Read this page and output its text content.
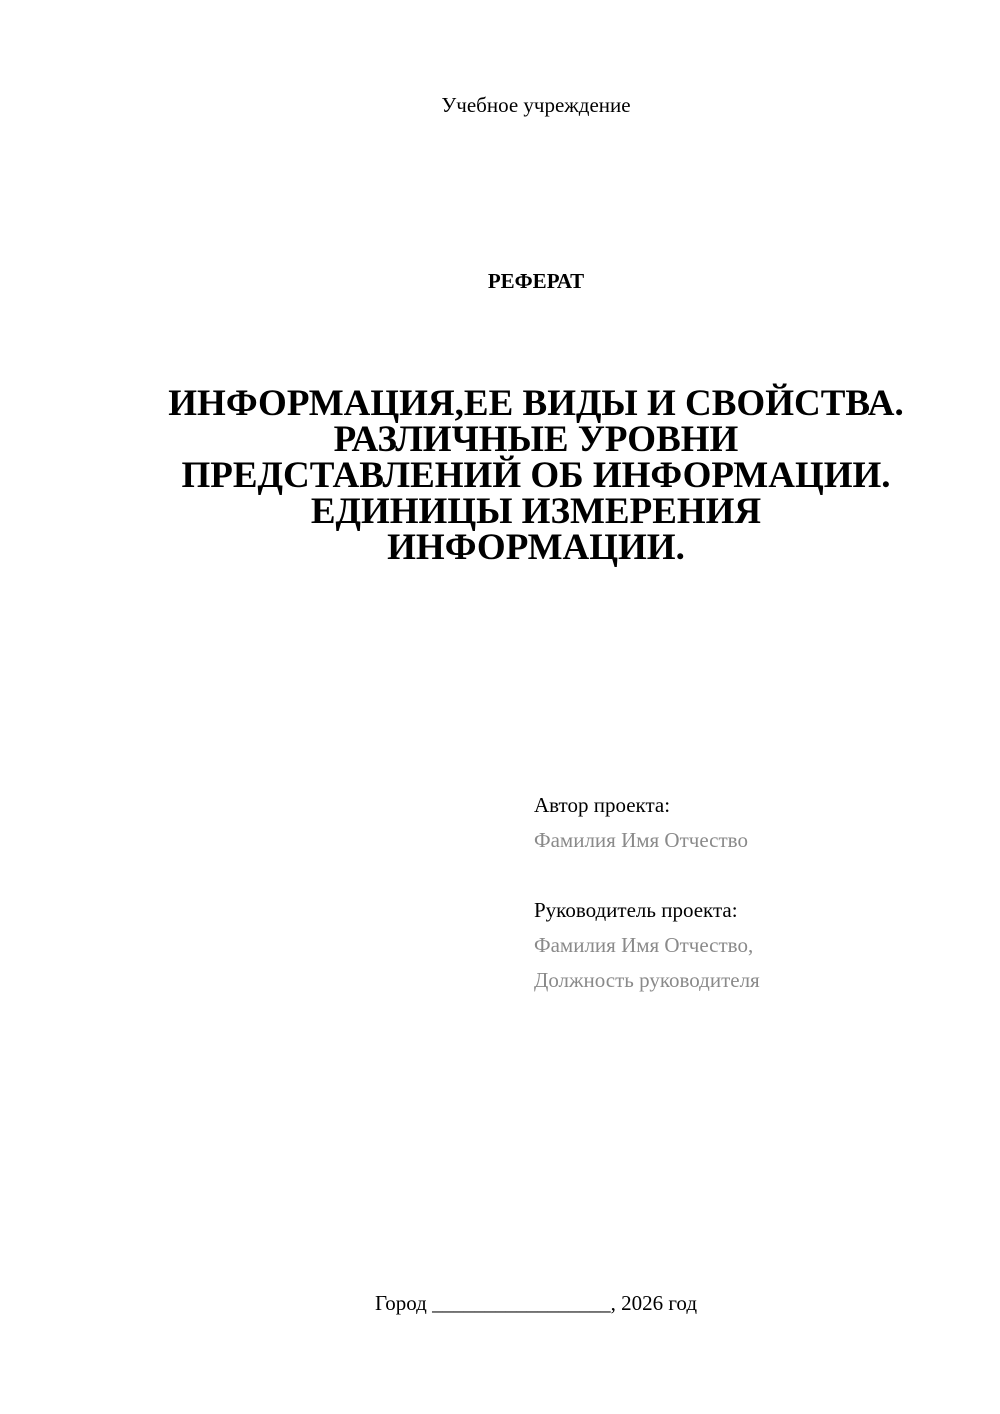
Учебное учреждение
РЕФЕРАТ
ИНФОРМАЦИЯ,ЕЕ ВИДЫ И СВОЙСТВА.
РАЗЛИЧНЫЕ УРОВНИ
ПРЕДСТАВЛЕНИЙ ОБ ИНФОРМАЦИИ.
ЕДИНИЦЫ ИЗМЕРЕНИЯ
ИНФОРМАЦИИ.
Автор проекта:
Фамилия Имя Отчество
Руководитель проекта:
Фамилия Имя Отчество,
Должность руководителя
Город _________________, 2026 год
